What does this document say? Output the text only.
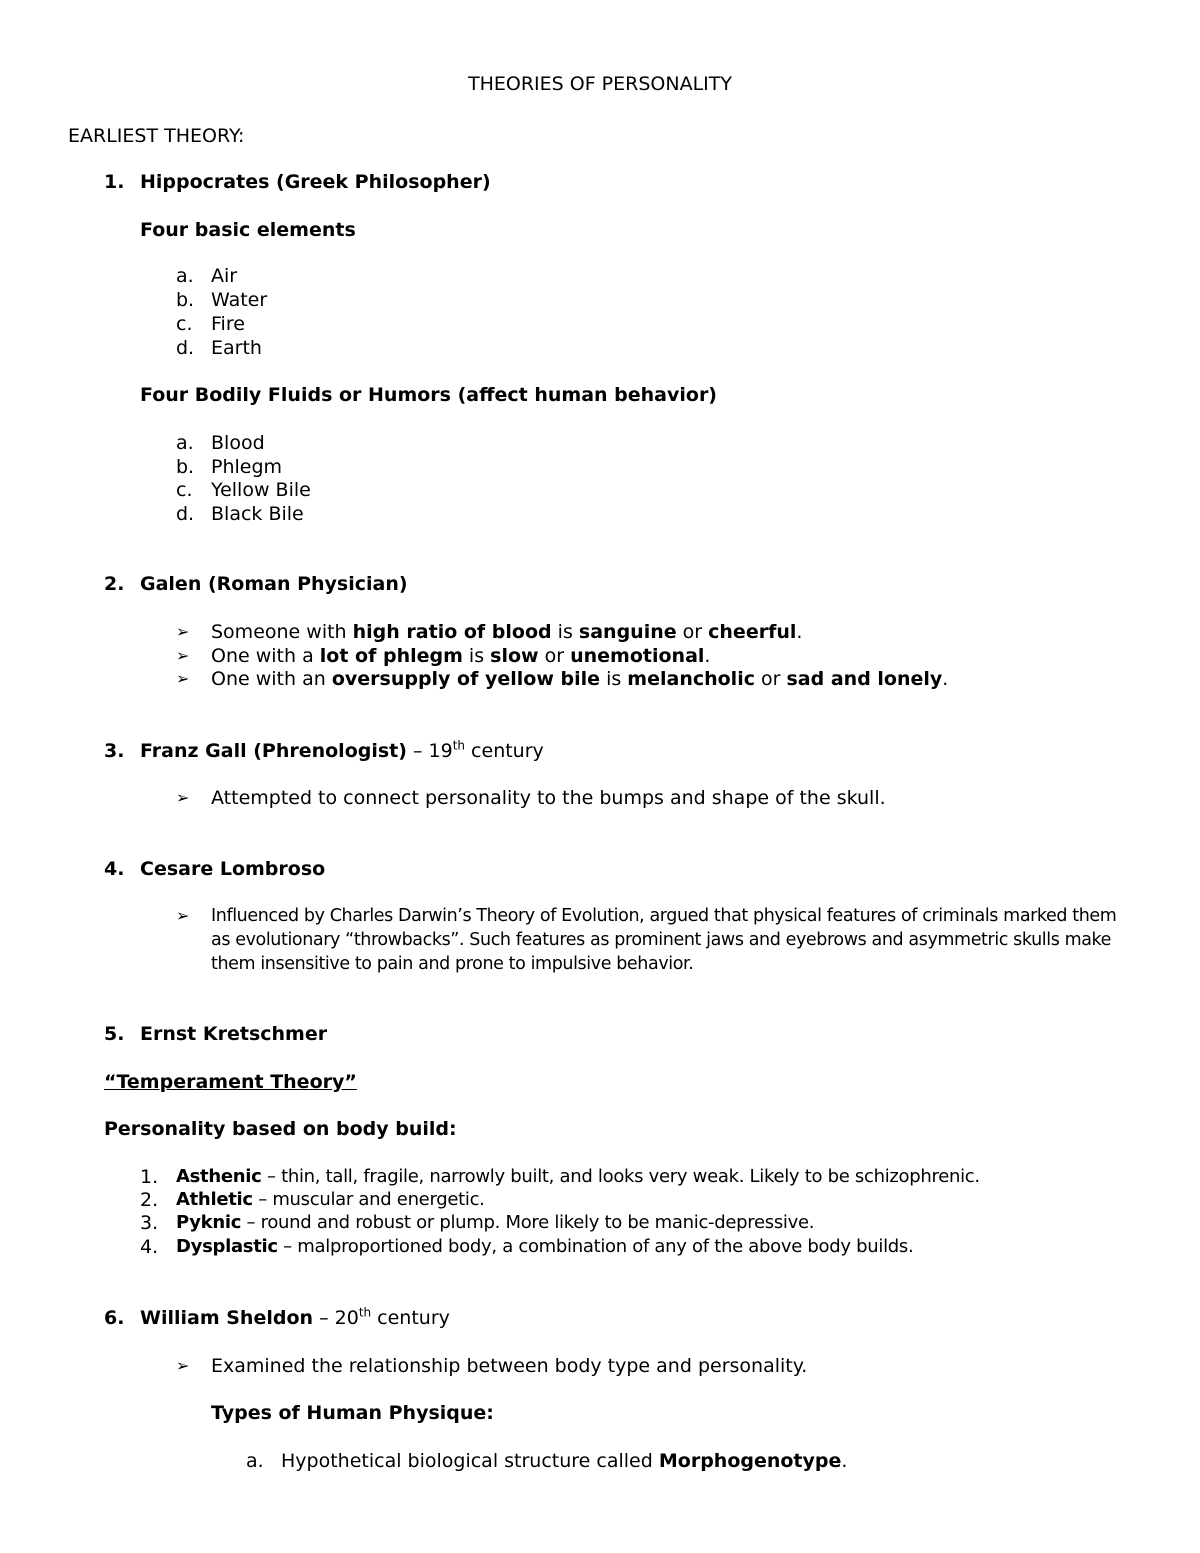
THEORIES OF PERSONALITY
EARLIEST THEORY:
1. Hippocrates (Greek Philosopher)
Four basic elements
a. Air
b. Water
c. Fire
d. Earth
Four Bodily Fluids or Humors (affect human behavior)
a. Blood
b. Phlegm
c. Yellow Bile
d. Black Bile
2. Galen (Roman Physician)
➢ Someone with high ratio of blood is sanguine or cheerful.
➢ One with a lot of phlegm is slow or unemotional.
➢ One with an oversupply of yellow bile is melancholic or sad and lonely.
3. Franz Gall (Phrenologist) – 19th century
➢ Attempted to connect personality to the bumps and shape of the skull.
4. Cesare Lombroso
➢ Influenced by Charles Darwin’s Theory of Evolution, argued that physical features of criminals marked them
as evolutionary “throwbacks”. Such features as prominent jaws and eyebrows and asymmetric skulls make
them insensitive to pain and prone to impulsive behavior.
5. Ernst Kretschmer
“Temperament Theory”
Personality based on body build:
1. Asthenic – thin, tall, fragile, narrowly built, and looks very weak. Likely to be schizophrenic.
2. Athletic – muscular and energetic.
3. Pyknic – round and robust or plump. More likely to be manic-depressive.
4. Dysplastic – malproportioned body, a combination of any of the above body builds.
6. William Sheldon – 20th century
➢ Examined the relationship between body type and personality.
Types of Human Physique:
a. Hypothetical biological structure called Morphogenotype.
